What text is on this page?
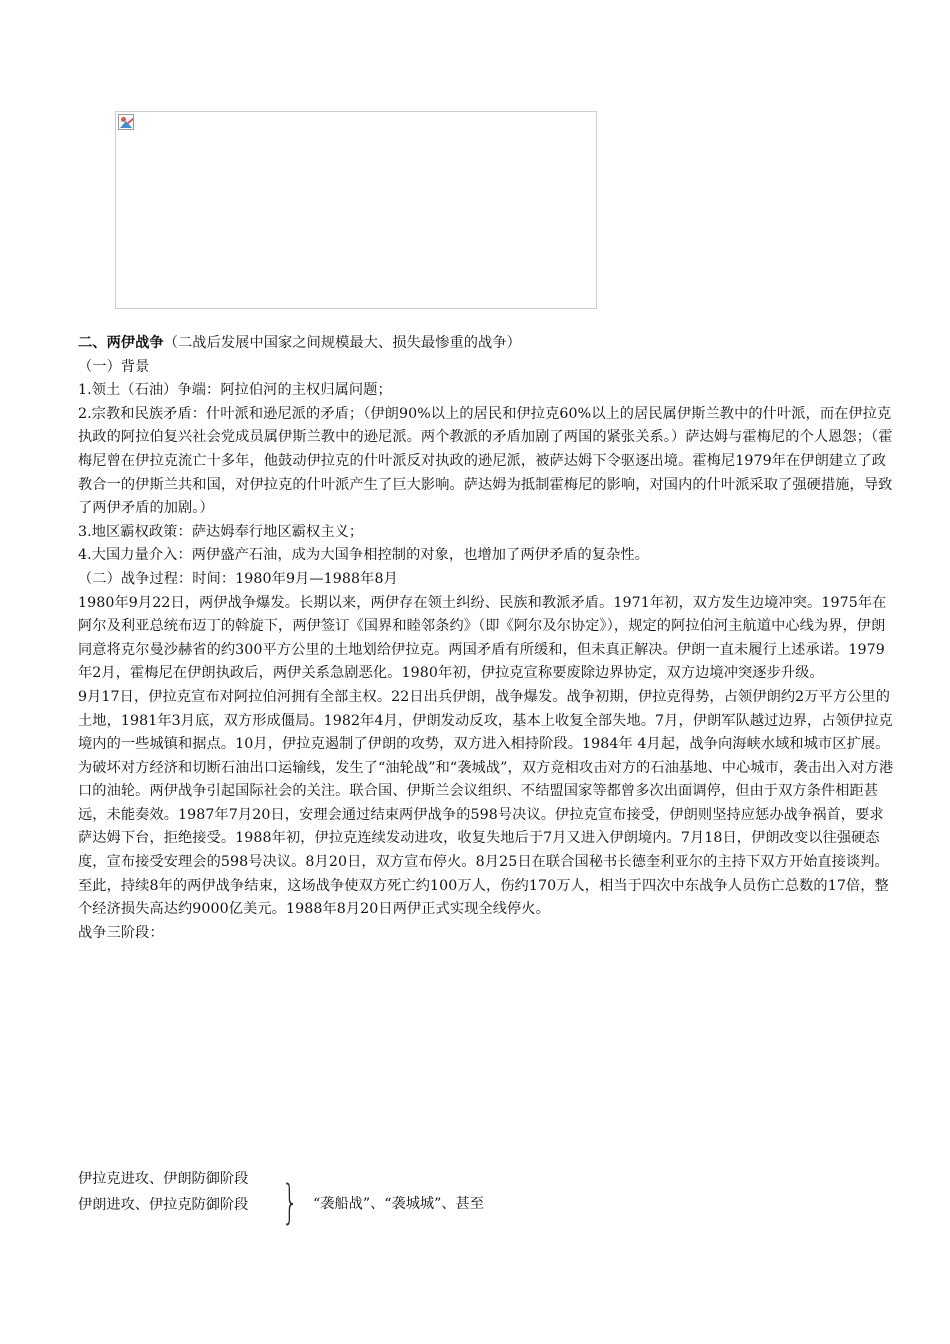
二、两伊战争（二战后发展中国家之间规模最大、损失最惨重的战争）

（一）背景

1.领土（石油）争端：阿拉伯河的主权归属问题；

2.宗教和民族矛盾：什叶派和逊尼派的矛盾；（伊朗90%以上的居民和伊拉克60%以上的居民属伊斯兰教中的什叶派，而在伊拉克执政的阿拉伯复兴社会党成员属伊斯兰教中的逊尼派。两个教派的矛盾加剧了两国的紧张关系。）萨达姆与霍梅尼的个人恩怨；（霍梅尼曾在伊拉克流亡十多年，他鼓动伊拉克的什叶派反对执政的逊尼派，被萨达姆下令驱逐出境。霍梅尼1979年在伊朗建立了政教合一的伊斯兰共和国，对伊拉克的什叶派产生了巨大影响。萨达姆为抵制霍梅尼的影响，对国内的什叶派采取了强硬措施，导致了两伊矛盾的加剧。）

3.地区霸权政策：萨达姆奉行地区霸权主义；

4.大国力量介入：两伊盛产石油，成为大国争相控制的对象，也增加了两伊矛盾的复杂性。

（二）战争过程：时间：1980年9月—1988年8月

1980年9月22日，两伊战争爆发。长期以来，两伊存在领土纠纷、民族和教派矛盾。1971年初，双方发生边境冲突。1975年在阿尔及利亚总统布迈丁的斡旋下，两伊签订《国界和睦邻条约》（即《阿尔及尔协定》），规定的阿拉伯河主航道中心线为界，伊朗同意将克尔曼沙赫省的约300平方公里的土地划给伊拉克。两国矛盾有所缓和，但未真正解决。伊朗一直未履行上述承诺。1979 年2月，霍梅尼在伊朗执政后，两伊关系急剧恶化。1980年初，伊拉克宣称要废除边界协定，双方边境冲突逐步升级。

9月17日，伊拉克宣布对阿拉伯河拥有全部主权。22日出兵伊朗，战争爆发。战争初期，伊拉克得势，占领伊朗约2万平方公里的土地，1981年3月底，双方形成僵局。1982年4月，伊朗发动反攻，基本上收复全部失地。7月，伊朗军队越过边界，占领伊拉克境内的一些城镇和据点。10月，伊拉克遏制了伊朗的攻势，双方进入相持阶段。1984年 4月起，战争向海峡水域和城市区扩展。

为破坏对方经济和切断石油出口运输线，发生了“油轮战”和“袭城战”，双方竞相攻击对方的石油基地、中心城市，袭击出入对方港口的油轮。两伊战争引起国际社会的关注。联合国、伊斯兰会议组织、不结盟国家等都曾多次出面调停，但由于双方条件相距甚远，未能奏效。1987年7月20日，安理会通过结束两伊战争的598号决议。伊拉克宣布接受，伊朗则坚持应惩办战争祸首，要求萨达姆下台，拒绝接受。1988年初，伊拉克连续发动进攻，收复失地后于7月又进入伊朗境内。7月18日，伊朗改变以往强硬态度，宣布接受安理会的598号决议。8月20日，双方宣布停火。8月25日在联合国秘书长德奎利亚尔的主持下双方开始直接谈判。至此，持续8年的两伊战争结束，这场战争使双方死亡约100万人，伤约170万人，相当于四次中东战争人员伤亡总数的17倍，整个经济损失高达约9000亿美元。1988年8月20日两伊正式实现全线停火。

战争三阶段：

伊拉克进攻、伊朗防御阶段
伊朗进攻、伊拉克防御阶段 } “袭船战”、“袭城城”、甚至
